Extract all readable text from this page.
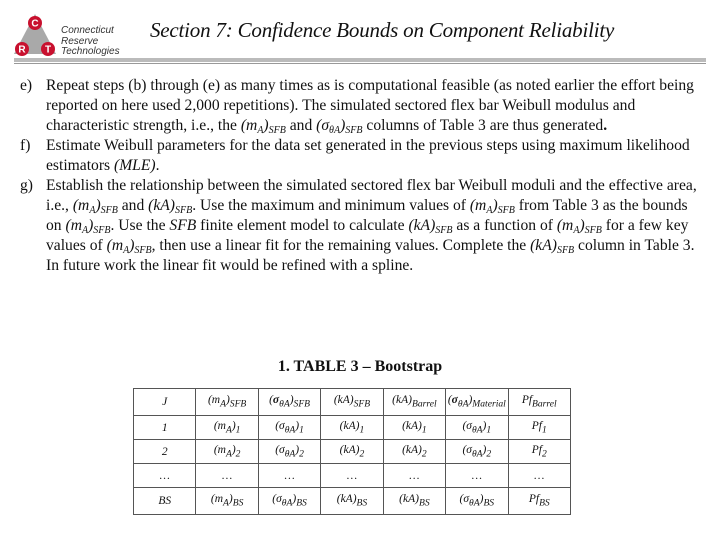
C
R T
Connecticut
Reserve
Technologies
Section 7: Confidence Bounds on Component Reliability
e) Repeat steps (b) through (e) as many times as is computational feasible (as noted earlier the effort being reported on here used 2,000 repetitions). The simulated sectored flex bar Weibull modulus and characteristic strength, i.e., the $(m_A)_{SFB}$ and $(\sigma_{\theta A})_{SFB}$ columns of Table 3 are thus generated.
f) Estimate Weibull parameters for the data set generated in the previous steps using maximum likelihood estimators (MLE).
g) Establish the relationship between the simulated sectored flex bar Weibull moduli and the effective area, i.e., $(m_A)_{SFB}$ and $(kA)_{SFB}$. Use the maximum and minimum values of $(m_A)_{SFB}$ from Table 3 as the bounds on $(m_A)_{SFB}$. Use the SFB finite element model to calculate $(kA)_{SFB}$ as a function of $(m_A)_{SFB}$ for a few key values of $(m_A)_{SFB}$, then use a linear fit for the remaining values. Complete the $(kA)_{SFB}$ column in Table 3. In future work the linear fit would be refined with a spline.
1. TABLE 3 – Bootstrap
J	$(m_A)_{SFB}$	$(\sigma_{\theta A})_{SFB}$	$(kA)_{SFB}$	$(kA)_{Barrel}$	$(\sigma_{\theta A})_{Material}$	$Pf_{Barrel}$
1	$(m_A)_1$	$(\sigma_{\theta A})_1$	$(kA)_1$	$(kA)_1$	$(\sigma_{\theta A})_1$	$Pf_1$
2	$(m_A)_2$	$(\sigma_{\theta A})_2$	$(kA)_2$	$(kA)_2$	$(\sigma_{\theta A})_2$	$Pf_2$
…	…	…	…	…	…	…
BS	$(m_A)_{BS}$	$(\sigma_{\theta A})_{BS}$	$(kA)_{BS}$	$(kA)_{BS}$	$(\sigma_{\theta A})_{BS}$	$Pf_{BS}$
